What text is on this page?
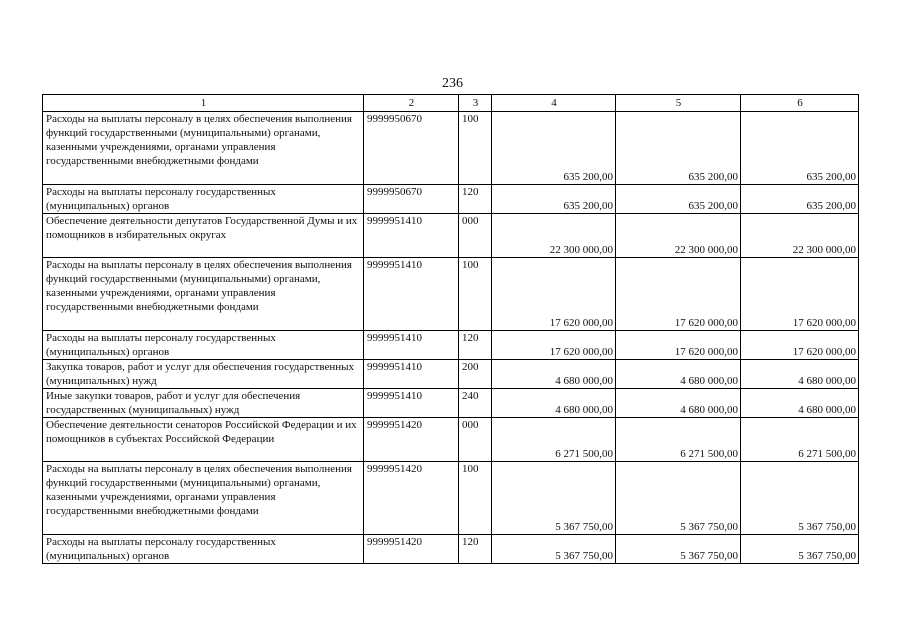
236
1	2	3	4	5	6
Расходы на выплаты персоналу в целях обеспечения выполнения функций государственными (муниципальными) органами, казенными учреждениями, органами управления государственными внебюджетными фондами	9999950670	100	635 200,00	635 200,00	635 200,00
Расходы на выплаты персоналу государственных (муниципальных) органов	9999950670	120	635 200,00	635 200,00	635 200,00
Обеспечение деятельности депутатов Государственной Думы и их помощников в избирательных округах	9999951410	000	22 300 000,00	22 300 000,00	22 300 000,00
Расходы на выплаты персоналу в целях обеспечения выполнения функций государственными (муниципальными) органами, казенными учреждениями, органами управления государственными внебюджетными фондами	9999951410	100	17 620 000,00	17 620 000,00	17 620 000,00
Расходы на выплаты персоналу государственных (муниципальных) органов	9999951410	120	17 620 000,00	17 620 000,00	17 620 000,00
Закупка товаров, работ и услуг для обеспечения государственных (муниципальных) нужд	9999951410	200	4 680 000,00	4 680 000,00	4 680 000,00
Иные закупки товаров, работ и услуг для обеспечения государственных (муниципальных) нужд	9999951410	240	4 680 000,00	4 680 000,00	4 680 000,00
Обеспечение деятельности сенаторов Российской Федерации и их помощников в субъектах Российской Федерации	9999951420	000	6 271 500,00	6 271 500,00	6 271 500,00
Расходы на выплаты персоналу в целях обеспечения выполнения функций государственными (муниципальными) органами, казенными учреждениями, органами управления государственными внебюджетными фондами	9999951420	100	5 367 750,00	5 367 750,00	5 367 750,00
Расходы на выплаты персоналу государственных (муниципальных) органов	9999951420	120	5 367 750,00	5 367 750,00	5 367 750,00
